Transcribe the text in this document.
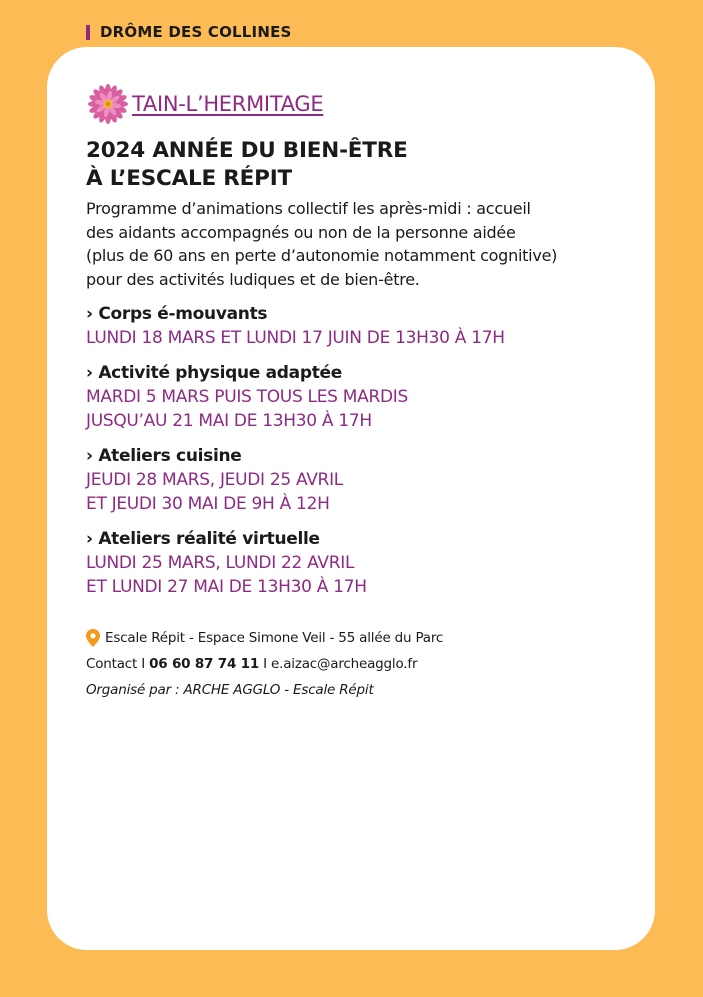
DRÔME DES COLLINES
TAIN-L’HERMITAGE
2024 ANNÉE DU BIEN-ÊTRE
À L’ESCALE RÉPIT
Programme d’animations collectif les après-midi : accueil
des aidants accompagnés ou non de la personne aidée
(plus de 60 ans en perte d’autonomie notamment cognitive)
pour des activités ludiques et de bien-être.
› Corps é-mouvants
LUNDI 18 MARS ET LUNDI 17 JUIN DE 13H30 À 17H
› Activité physique adaptée
MARDI 5 MARS PUIS TOUS LES MARDIS
JUSQU’AU 21 MAI DE 13H30 À 17H
› Ateliers cuisine
JEUDI 28 MARS, JEUDI 25 AVRIL
ET JEUDI 30 MAI DE 9H À 12H
› Ateliers réalité virtuelle
LUNDI 25 MARS, LUNDI 22 AVRIL
ET LUNDI 27 MAI DE 13H30 À 17H
Escale Répit - Espace Simone Veil - 55 allée du Parc
Contact I 06 60 87 74 11 I e.aizac@archeagglo.fr
Organisé par : ARCHE AGGLO - Escale Répit
